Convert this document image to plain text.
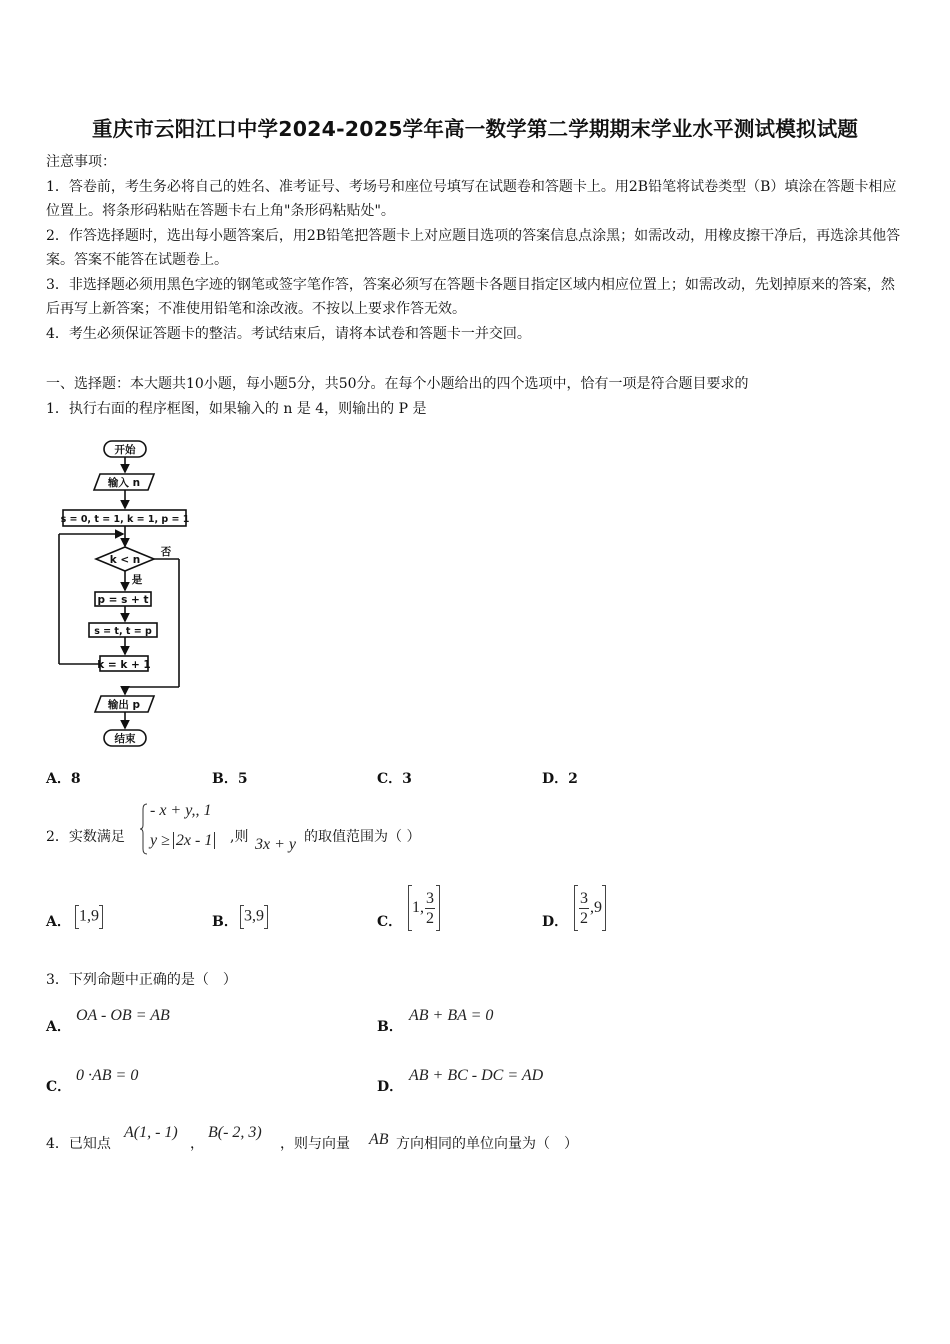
重庆市云阳江口中学2024-2025学年高一数学第二学期期末学业水平测试模拟试题
注意事项：
1．答卷前，考生务必将自己的姓名、准考证号、考场号和座位号填写在试题卷和答题卡上。用2B铅笔将试卷类型（B）填涂在答题卡相应位置上。将条形码粘贴在答题卡右上角"条形码粘贴处"。
2．作答选择题时，选出每小题答案后，用2B铅笔把答题卡上对应题目选项的答案信息点涂黑；如需改动，用橡皮擦干净后，再选涂其他答案。答案不能答在试题卷上。
3．非选择题必须用黑色字迹的钢笔或签字笔作答，答案必须写在答题卡各题目指定区域内相应位置上；如需改动，先划掉原来的答案，然后再写上新答案；不准使用铅笔和涂改液。不按以上要求作答无效。
4．考生必须保证答题卡的整洁。考试结束后，请将本试卷和答题卡一并交回。
一、选择题：本大题共10小题，每小题5分，共50分。在每个小题给出的四个选项中，恰有一项是符合题目要求的
1．执行右面的程序框图，如果输入的 n 是 4，则输出的 P 是
开始
输入 n
s = 0, t = 1, k = 1, p = 1
k < n
否
是
p = s + t
s = t, t = p
k = k + 1
输出 p
结束
A．8	B．5	C．3	D．2
2．实数满足
- x + y,, 1
y ≥ 2x - 1 ,则 3x + y 的取值范围为（ ）
A． 1,9	B． 3,9	C．
1, $\frac{3}{2}$	D． $\frac{3}{2} ,9$
3．下列命题中正确的是（　）
A．
OA - OB = AB
B．
AB + BA = 0
C．
0 ·AB = 0
D．
AB + BC - DC = AD
4．已知点
A(1, - 1)
，
B(- 2, 3)
，则与向量 AB 方向相同的单位向量为（　）
